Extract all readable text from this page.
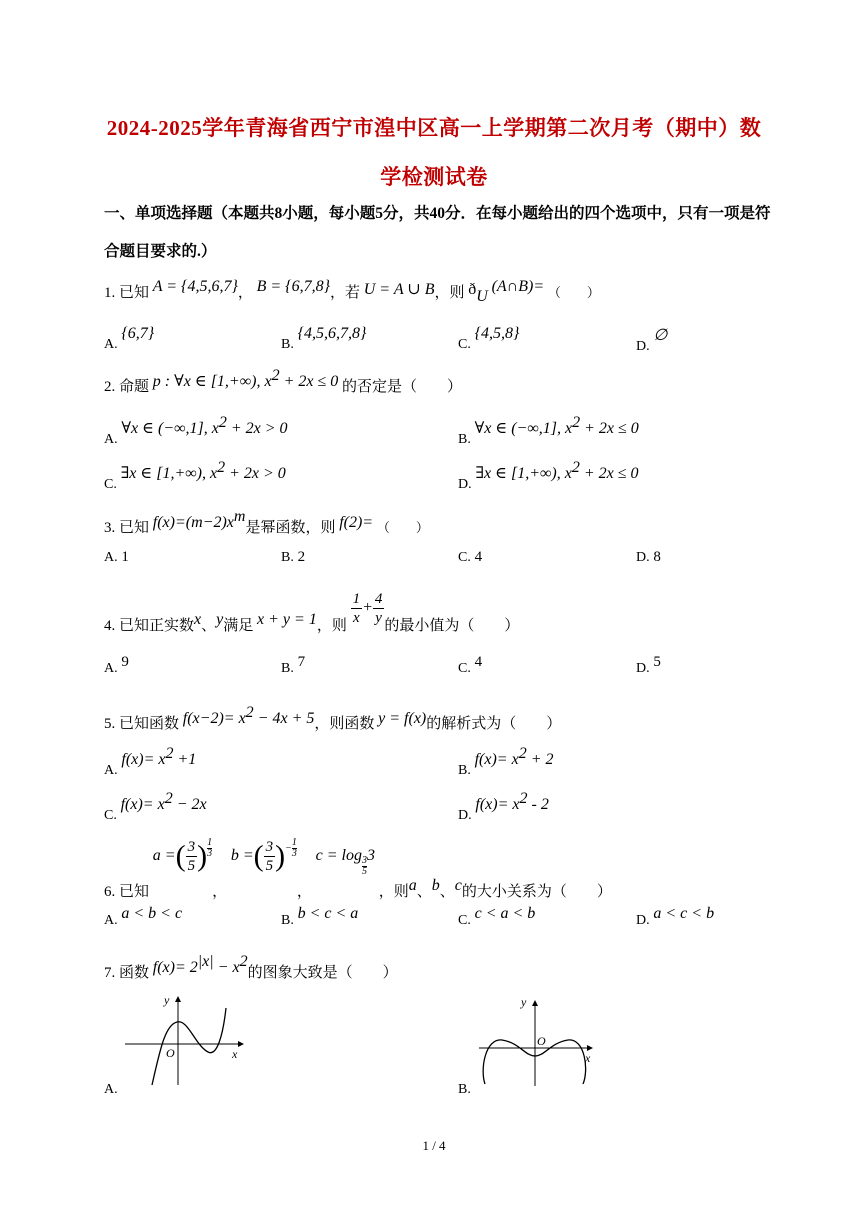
2024-2025学年青海省西宁市湟中区高一上学期第二次月考（期中）数
学检测试卷
一、单项选择题（本题共8小题，每小题5分，共40分．在每小题给出的四个选项中，只有一项是符合题目要求的.）
1. 已知 A = {4,5,6,7}， B = {6,7,8}，若 U = A ∪ B，则 $ð_U$ (A∩B)= （　　）
A. {6,7}
B. {4,5,6,7,8}
C. {4,5,8}
D. ∅
2. 命题 p : ∀x ∈ [1,+∞), $x^2 + 2x \le 0$ 的否定是（　　）
A. ∀x ∈ (−∞,1], $x^2 + 2x > 0$
B. ∀x ∈ (−∞,1], $x^2 + 2x \le 0$
C. ∃x ∈ [1,+∞), $x^2 + 2x > 0$
D. ∃x ∈ [1,+∞), $x^2 + 2x \le 0$
3. 已知 $f(x)=(m-2)x^m$是幂函数，则 f(2)= （　　）
A. 1	B. 2	C. 4	D. 8
4. 已知正实数x、y满足 x + y = 1，则 $\frac{1}{x} + \frac{4}{y}$ 的最小值为（　　）
A. 9	B. 7	C. 4	D. 5
5. 已知函数 $f(x-2)= x^2 - 4x + 5$，则函数 y = f(x)的解析式为（　　）
A. $f(x)= x^2 +1$
B. $f(x)= x^2 + 2$
C. $f(x)= x^2 - 2x$
D. $f(x)= x^2 - 2$
6. 已知 a =( $\frac{3}{5}$ ) $\frac{1}{3}$
， b =( $\frac{3}{5}$ )− $\frac{1}{3}$
， c = log
$\frac{3}{5}$
3 ，则a、b、c的大小关系为（　　）
A. a < b < c	B. b < c < a	C. c < a < b	D. a < c < b
7. 函数 $f(x)= 2^{|x|} - x^2$的图象大致是（　　）
y
x
O
A.
y
x
O
B.
1 / 4
